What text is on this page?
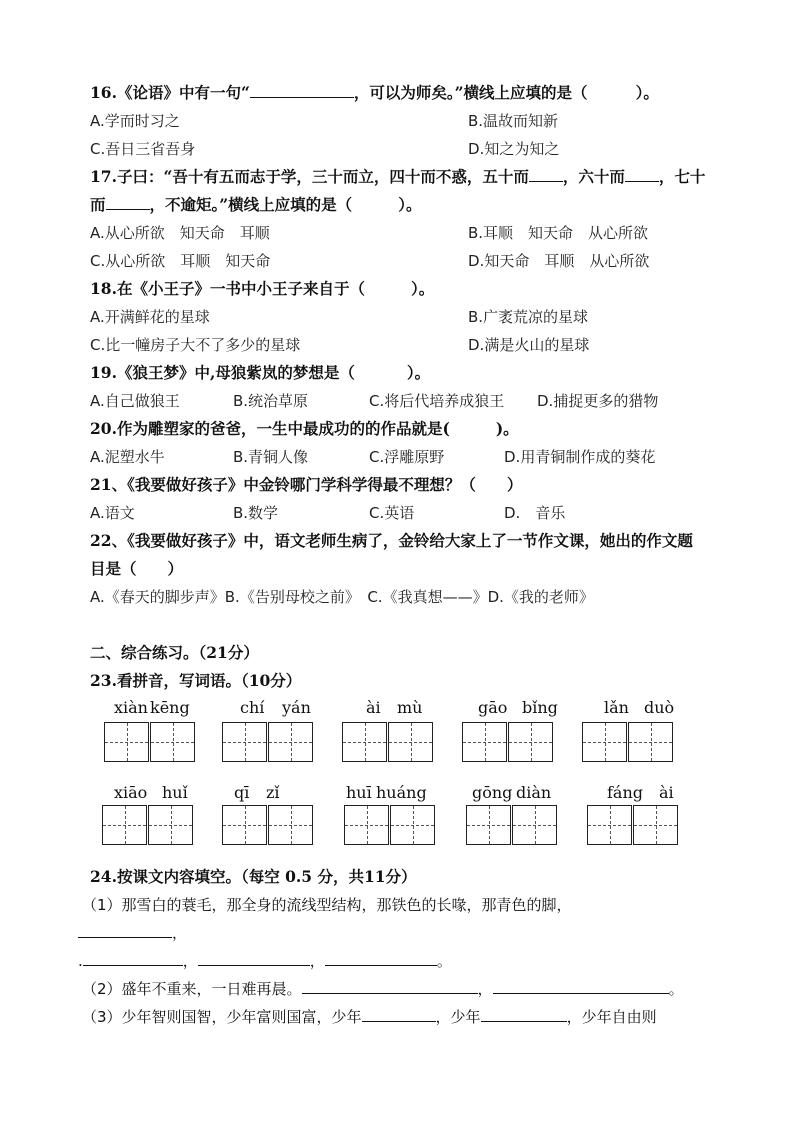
16.《论语》中有一句“	，可以为师矣。”横线上应填的是（	）。
A.学而时习之	B.温故而知新
C.吾日三省吾身	D.知之为知之
17.子曰：“吾十有五而志于学，三十而立，四十而不惑，五十而 ，六十而 ，七十
而	，不逾矩。”横线上应填的是（	）。
A.从心所欲　知天命　耳顺	B.耳顺　知天命　从心所欲
C.从心所欲　耳顺　知天命	D.知天命　耳顺　从心所欲
18.在《小王子》一书中小王子来自于（	）。
A.开满鲜花的星球	B.广袤荒凉的星球
C.比一幢房子大不了多少的星球	D.满是火山的星球
19.《狼王梦》中,母狼紫岚的梦想是（	）。
A.自己做狼王	B.统治草原	C.将后代培养成狼王 D.捕捉更多的猎物
20.作为雕塑家的爸爸，一生中最成功的的作品就是(	)。
A.泥塑水牛	B.青铜人像	C.浮雕原野	D.用青铜制作成的葵花
21、《我要做好孩子》中金铃哪门学科学得最不理想？（　　）
A.语文	B.数学	C.英语	D.　音乐
22、《我要做好孩子》中，语文老师生病了，金铃给大家上了一节作文课，她出的作文题
目是（　　）
A.《春天的脚步声》B.《告别母校之前》　C.《我真想——》D.《我的老师》
二、综合练习。（21分）
23.看拼音，写词语。（10分）
xiàn kēng	chí yán	ài mù	gāo bǐng	lǎn duò
xiāo huǐ	qī zǐ	huī huáng	gōng diàn	fáng ài
24.按课文内容填空。（每空 0.5 分，共11分）
（1）那雪白的蓑毛，那全身的流线型结构，那铁色的长喙，那青色的脚，
，
.	，	，	。
（2）盛年不重来，一日难再晨。	，	。
（3）少年智则国智，少年富则国富，少年	，少年	，少年自由则
